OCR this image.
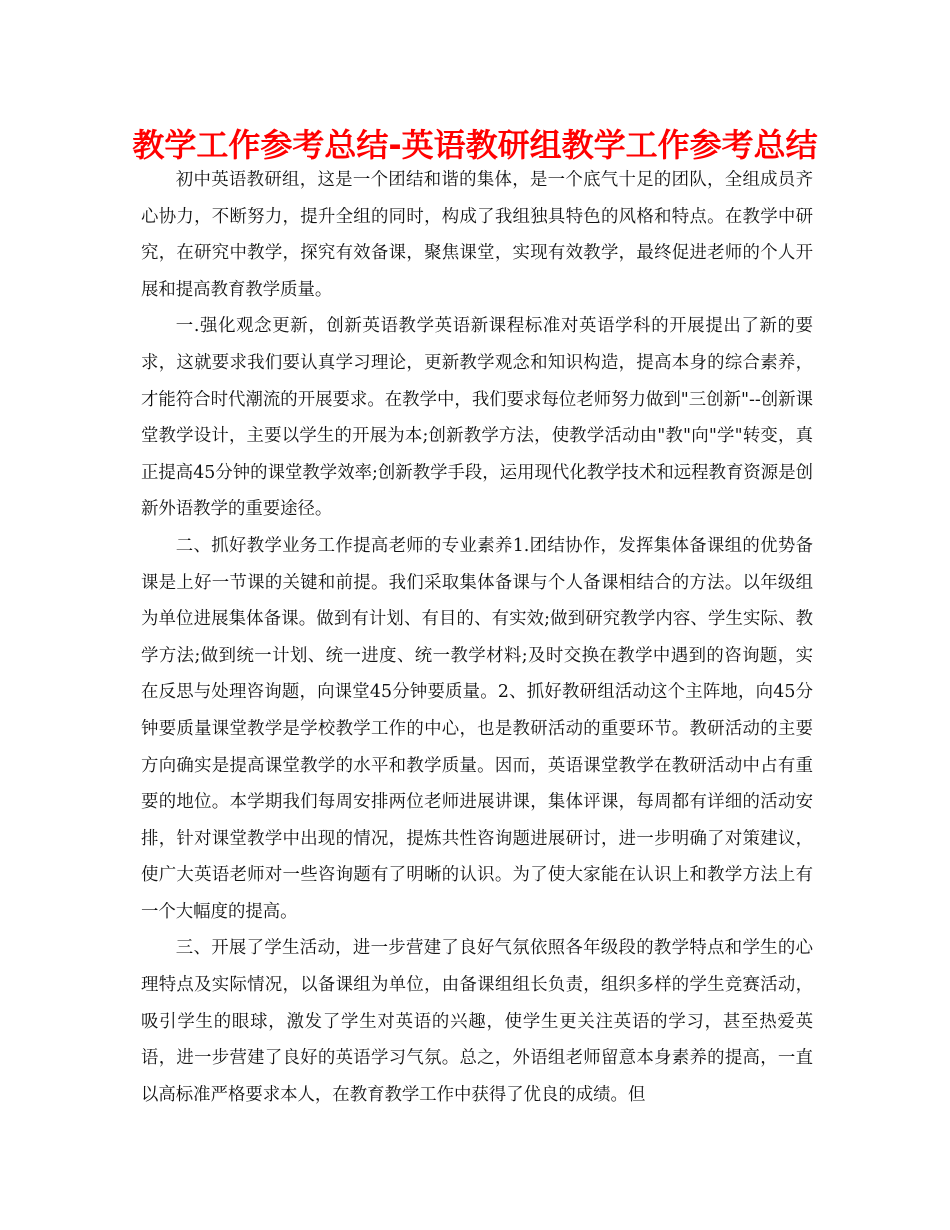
教学工作参考总结-英语教研组教学工作参考总结

初中英语教研组，这是一个团结和谐的集体，是一个底气十足的团队，全组成员齐心协力，不断努力，提升全组的同时，构成了我组独具特色的风格和特点。在教学中研究，在研究中教学，探究有效备课，聚焦课堂，实现有效教学，最终促进老师的个人开展和提高教育教学质量。

一.强化观念更新，创新英语教学英语新课程标准对英语学科的开展提出了新的要求，这就要求我们要认真学习理论，更新教学观念和知识构造，提高本身的综合素养，才能符合时代潮流的开展要求。在教学中，我们要求每位老师努力做到"三创新"--创新课堂教学设计，主要以学生的开展为本;创新教学方法，使教学活动由"教"向"学"转变，真正提高45分钟的课堂教学效率;创新教学手段，运用现代化教学技术和远程教育资源是创新外语教学的重要途径。

二、抓好教学业务工作提高老师的专业素养1.团结协作，发挥集体备课组的优势备课是上好一节课的关键和前提。我们采取集体备课与个人备课相结合的方法。以年级组为单位进展集体备课。做到有计划、有目的、有实效;做到研究教学内容、学生实际、教学方法;做到统一计划、统一进度、统一教学材料;及时交换在教学中遇到的咨询题，实在反思与处理咨询题，向课堂45分钟要质量。2、抓好教研组活动这个主阵地，向45分钟要质量课堂教学是学校教学工作的中心，也是教研活动的重要环节。教研活动的主要方向确实是提高课堂教学的水平和教学质量。因而，英语课堂教学在教研活动中占有重要的地位。本学期我们每周安排两位老师进展讲课，集体评课，每周都有详细的活动安排，针对课堂教学中出现的情况，提炼共性咨询题进展研讨，进一步明确了对策建议，使广大英语老师对一些咨询题有了明晰的认识。为了使大家能在认识上和教学方法上有一个大幅度的提高。

三、开展了学生活动，进一步营建了良好气氛依照各年级段的教学特点和学生的心理特点及实际情况，以备课组为单位，由备课组组长负责，组织多样的学生竞赛活动，吸引学生的眼球，激发了学生对英语的兴趣，使学生更关注英语的学习，甚至热爱英语，进一步营建了良好的英语学习气氛。总之，外语组老师留意本身素养的提高，一直以高标准严格要求本人，在教育教学工作中获得了优良的成绩。但
